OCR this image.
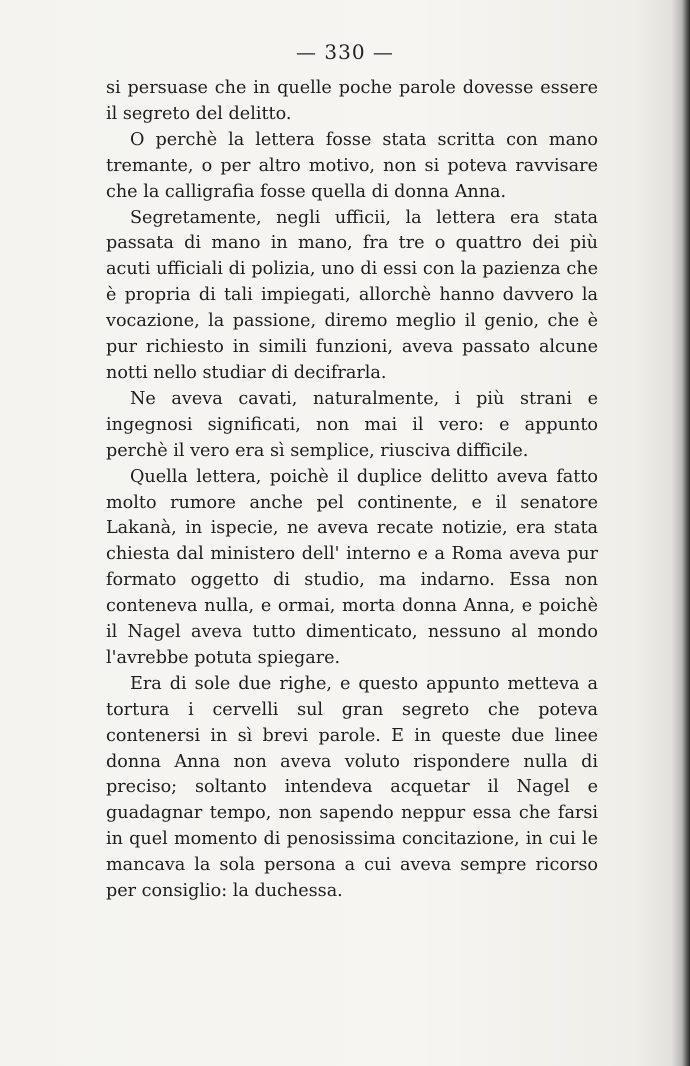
— 330 —

si persuase che in quelle poche parole dovesse essere il segreto del delitto.

O perchè la lettera fosse stata scritta con mano tremante, o per altro motivo, non si poteva ravvisare che la calligrafia fosse quella di donna Anna.

Segretamente, negli ufficii, la lettera era stata passata di mano in mano, fra tre o quattro dei più acuti ufficiali di polizia, uno di essi con la pazienza che è propria di tali impiegati, allorchè hanno davvero la vocazione, la passione, diremo meglio il genio, che è pur richiesto in simili funzioni, aveva passato alcune notti nello studiar di decifrarla.

Ne aveva cavati, naturalmente, i più strani e ingegnosi significati, non mai il vero: e appunto perchè il vero era sì semplice, riusciva difficile.

Quella lettera, poichè il duplice delitto aveva fatto molto rumore anche pel continente, e il senatore Lakanà, in ispecie, ne aveva recate notizie, era stata chiesta dal ministero dell' interno e a Roma aveva pur formato oggetto di studio, ma indarno. Essa non conteneva nulla, e ormai, morta donna Anna, e poichè il Nagel aveva tutto dimenticato, nessuno al mondo l'avrebbe potuta spiegare.

Era di sole due righe, e questo appunto metteva a tortura i cervelli sul gran segreto che poteva contenersi in sì brevi parole. E in queste due linee donna Anna non aveva voluto rispondere nulla di preciso; soltanto intendeva acquetar il Nagel e guadagnar tempo, non sapendo neppur essa che farsi in quel momento di penosissima concitazione, in cui le mancava la sola persona a cui aveva sempre ricorso per consiglio: la duchessa.
